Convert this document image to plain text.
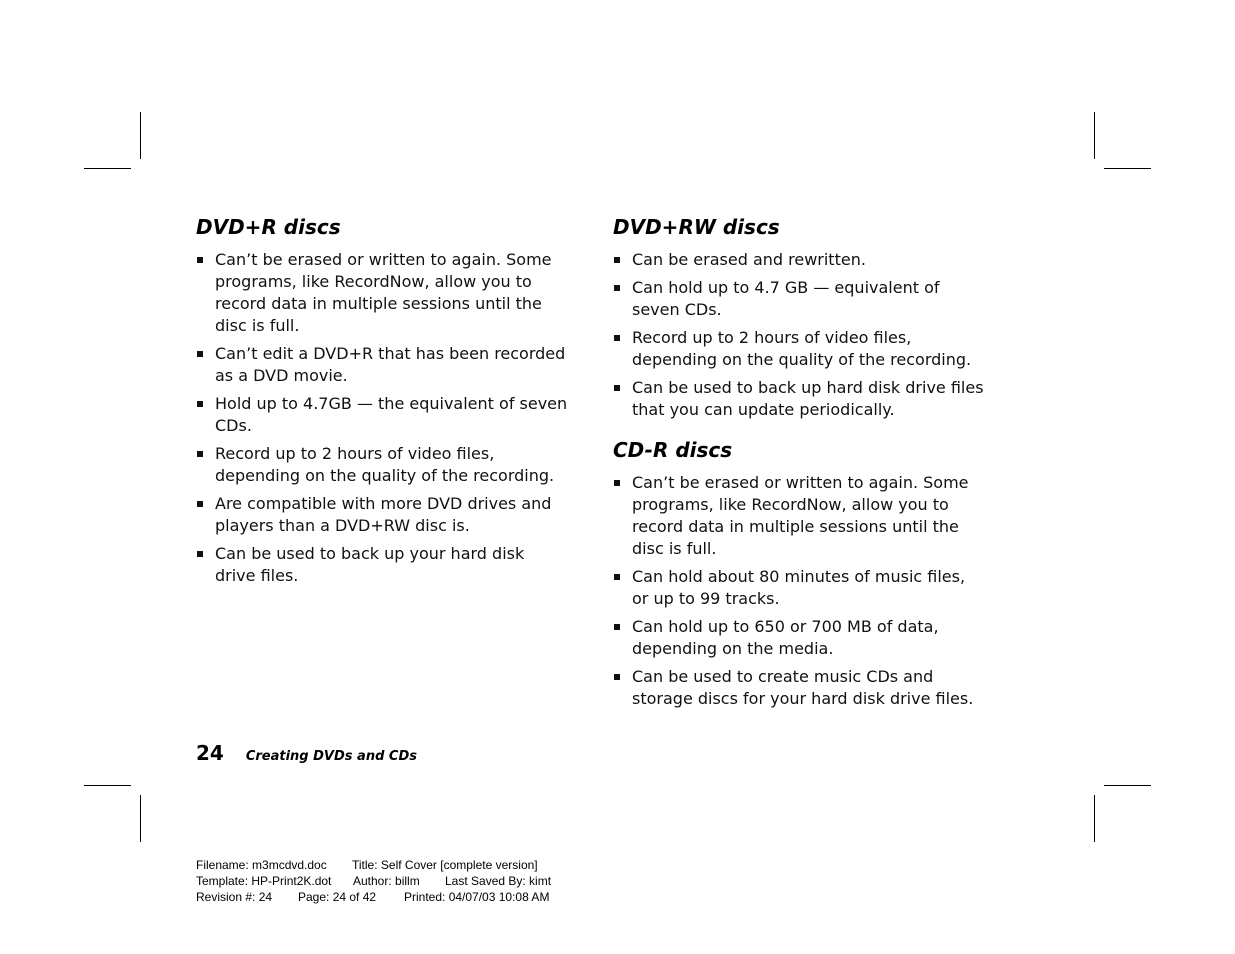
DVD+R discs
Can’t be erased or written to again. Some programs, like RecordNow, allow you to record data in multiple sessions until the disc is full.
Can’t edit a DVD+R that has been recorded as a DVD movie.
Hold up to 4.7GB — the equivalent of seven CDs.
Record up to 2 hours of video files, depending on the quality of the recording.
Are compatible with more DVD drives and players than a DVD+RW disc is.
Can be used to back up your hard disk drive files.
DVD+RW discs
Can be erased and rewritten.
Can hold up to 4.7 GB — equivalent of seven CDs.
Record up to 2 hours of video files, depending on the quality of the recording.
Can be used to back up hard disk drive files that you can update periodically.
CD-R discs
Can’t be erased or written to again. Some programs, like RecordNow, allow you to record data in multiple sessions until the disc is full.
Can hold about 80 minutes of music files, or up to 99 tracks.
Can hold up to 650 or 700 MB of data, depending on the media.
Can be used to create music CDs and storage discs for your hard disk drive files.
24 Creating DVDs and CDs
Filename: m3mcdvd.doc	Title: Self Cover [complete version]
Template: HP-Print2K.dot	Author: billm	Last Saved By: kimt
Revision #: 24	Page: 24 of 42	Printed: 04/07/03 10:08 AM
